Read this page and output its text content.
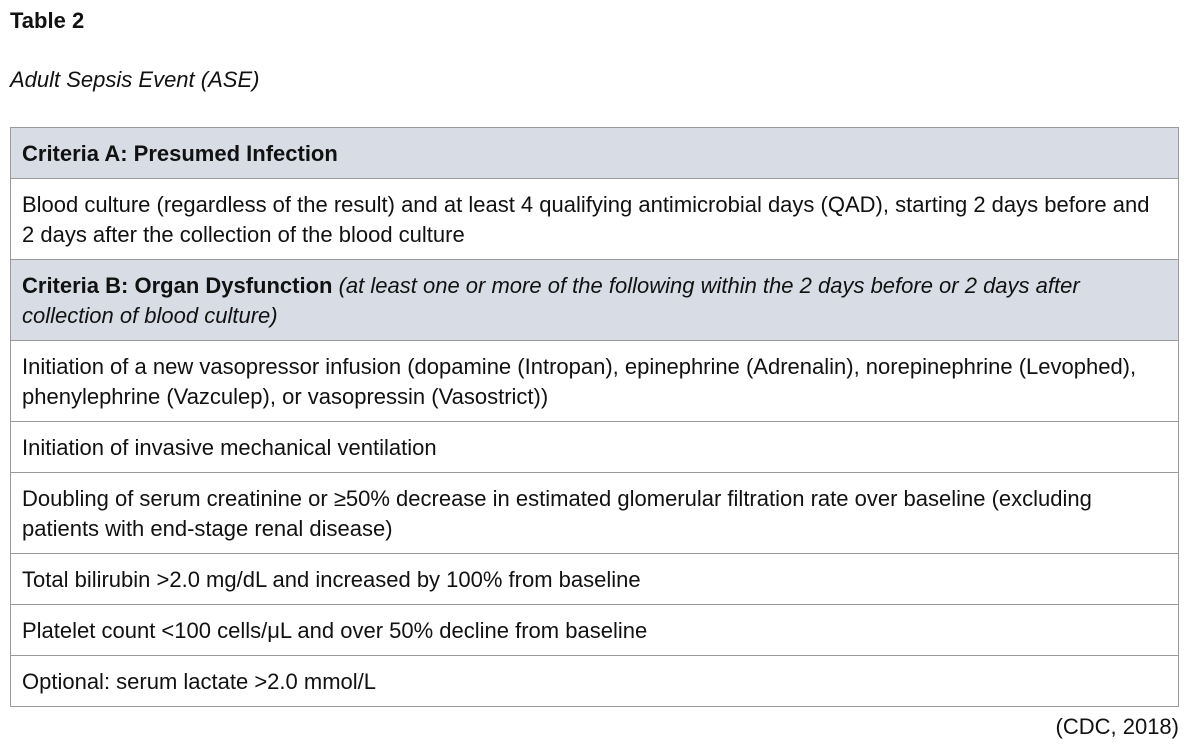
Table 2

Adult Sepsis Event (ASE)

Criteria A: Presumed Infection
Blood culture (regardless of the result) and at least 4 qualifying antimicrobial days (QAD), starting 2 days before and 2 days after the collection of the blood culture
Criteria B: Organ Dysfunction (at least one or more of the following within the 2 days before or 2 days after collection of blood culture)
Initiation of a new vasopressor infusion (dopamine (Intropan), epinephrine (Adrenalin), norepinephrine (Levophed), phenylephrine (Vazculep), or vasopressin (Vasostrict))
Initiation of invasive mechanical ventilation
Doubling of serum creatinine or ≥50% decrease in estimated glomerular filtration rate over baseline (excluding patients with end-stage renal disease)
Total bilirubin >2.0 mg/dL and increased by 100% from baseline
Platelet count <100 cells/μL and over 50% decline from baseline
Optional: serum lactate >2.0 mmol/L

(CDC, 2018)
